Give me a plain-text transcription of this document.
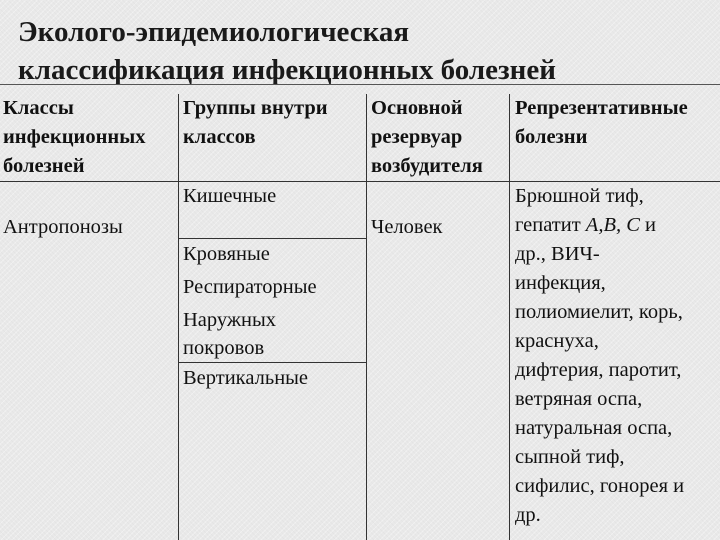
Эколого-эпидемиологическая
классификация инфекционных болезней
Классы
инфекционных
болезней
Группы внутри
классов
Основной
резервуар
возбудителя
Репрезентативные
болезни
Антропонозы
Кишечные
Кровяные
Респираторные
Наружных
покровов
Вертикальные
Человек
Брюшной тиф,
гепатит А,В, С и
др., ВИЧ-
инфекция,
полиомиелит, корь,
краснуха,
дифтерия, паротит,
ветряная оспа,
натуральная оспа,
сыпной тиф,
сифилис, гонорея и
др.
